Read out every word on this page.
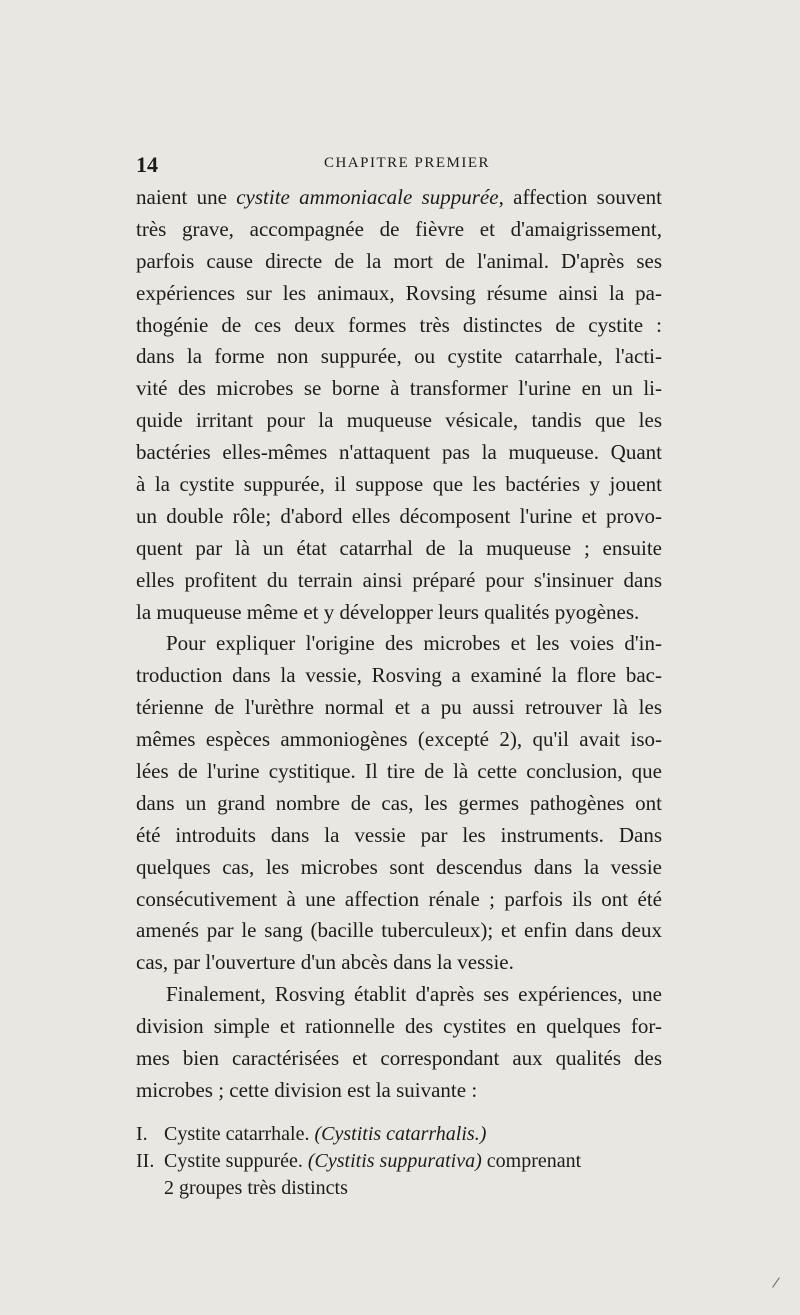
14	CHAPITRE PREMIER
naient une cystite ammoniacale suppurée, affection souvent
très grave, accompagnée de fièvre et d'amaigrissement,
parfois cause directe de la mort de l'animal. D'après ses
expériences sur les animaux, Rovsing résume ainsi la pa-
thogénie de ces deux formes très distinctes de cystite :
dans la forme non suppurée, ou cystite catarrhale, l'acti-
vité des microbes se borne à transformer l'urine en un li-
quide irritant pour la muqueuse vésicale, tandis que les
bactéries elles-mêmes n'attaquent pas la muqueuse. Quant
à la cystite suppurée, il suppose que les bactéries y jouent
un double rôle; d'abord elles décomposent l'urine et provo-
quent par là un état catarrhal de la muqueuse ; ensuite
elles profitent du terrain ainsi préparé pour s'insinuer dans
la muqueuse même et y développer leurs qualités pyogènes.
Pour expliquer l'origine des microbes et les voies d'in-
troduction dans la vessie, Rosving a examiné la flore bac-
térienne de l'urèthre normal et a pu aussi retrouver là les
mêmes espèces ammoniogènes (excepté 2), qu'il avait iso-
lées de l'urine cystitique. Il tire de là cette conclusion, que
dans un grand nombre de cas, les germes pathogènes ont
été introduits dans la vessie par les instruments. Dans
quelques cas, les microbes sont descendus dans la vessie
consécutivement à une affection rénale ; parfois ils ont été
amenés par le sang (bacille tuberculeux); et enfin dans deux
cas, par l'ouverture d'un abcès dans la vessie.
Finalement, Rosving établit d'après ses expériences, une
division simple et rationnelle des cystites en quelques for-
mes bien caractérisées et correspondant aux qualités des
microbes ; cette division est la suivante :
I. Cystite catarrhale. (Cystitis catarrhalis.)
II. Cystite suppurée. (Cystitis suppurativa) comprenant
2 groupes très distincts
